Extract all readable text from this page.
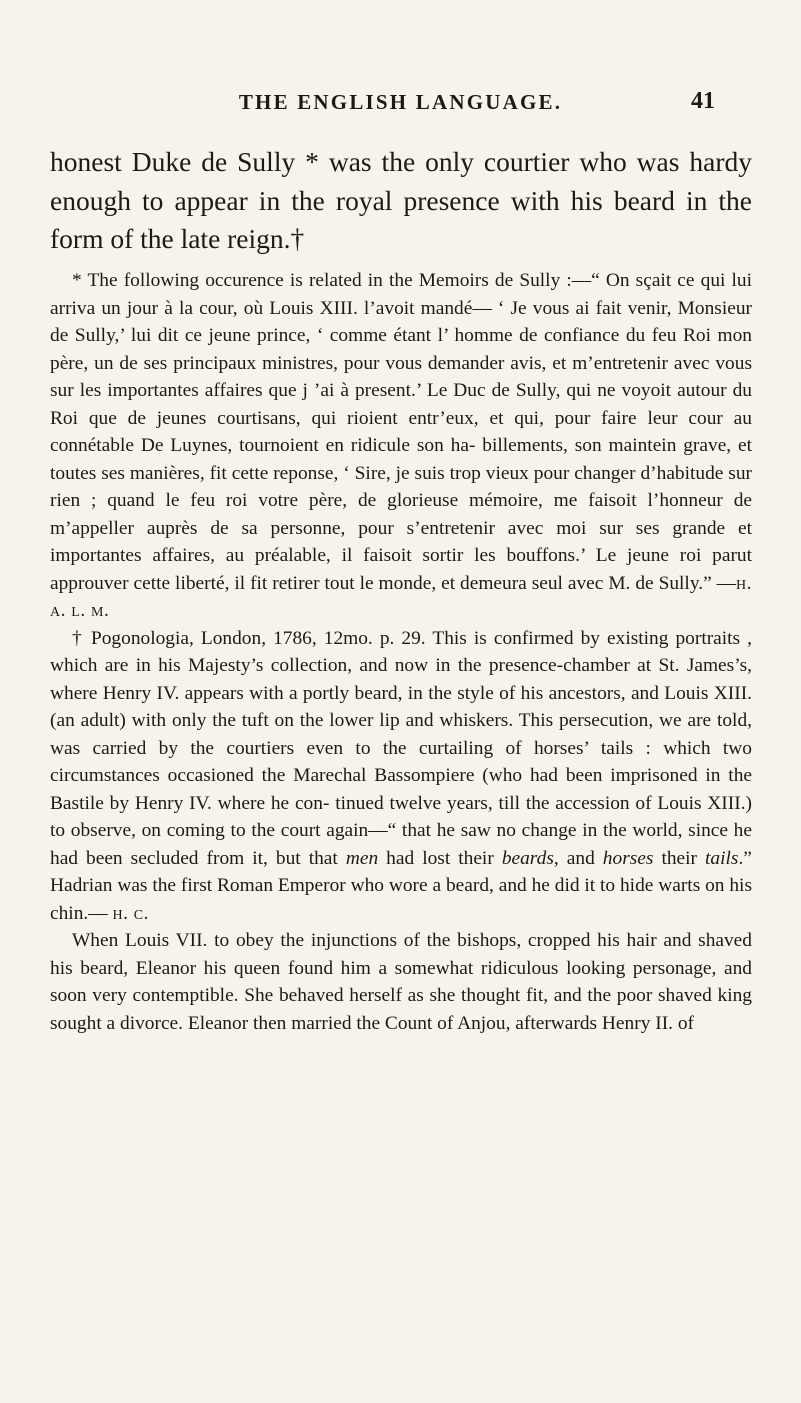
THE ENGLISH LANGUAGE.	41

honest Duke de Sully * was the only courtier who was hardy enough to appear in the royal presence with his beard in the form of the late reign.†

* The following occurence is related in the Memoirs de Sully :—“ On sçait ce qui lui arriva un jour à la cour, où Louis XIII. l’avoit mandé— ‘ Je vous ai fait venir, Monsieur de Sully,’ lui dit ce jeune prince, ‘ comme étant l’ homme de confiance du feu Roi mon père, un de ses principaux ministres, pour vous demander avis, et m’entretenir avec vous sur les importantes affaires que j ’ai à present.’ Le Duc de Sully, qui ne voyoit autour du Roi que de jeunes courtisans, qui rioient entr’eux, et qui, pour faire leur cour au connétable De Luynes, tournoient en ridicule son ha- billements, son maintein grave, et toutes ses manières, fit cette reponse, ‘ Sire, je suis trop vieux pour changer d’habitude sur rien ; quand le feu roi votre père, de glorieuse mémoire, me faisoit l’honneur de m’appeller auprès de sa personne, pour s’entretenir avec moi sur ses grande et importantes affaires, au préalable, il faisoit sortir les bouffons.’ Le jeune roi parut approuver cette liberté, il fit retirer tout le monde, et demeura seul avec M. de Sully.” —h. a. l. m.

† Pogonologia, London, 1786, 12mo. p. 29. This is confirmed by existing portraits , which are in his Majesty’s collection, and now in the presence-chamber at St. James’s, where Henry IV. appears with a portly beard, in the style of his ancestors, and Louis XIII. (an adult) with only the tuft on the lower lip and whiskers. This persecution, we are told, was carried by the courtiers even to the curtailing of horses’ tails : which two circumstances occasioned the Marechal Bassompiere (who had been imprisoned in the Bastile by Henry IV. where he con- tinued twelve years, till the accession of Louis XIII.) to observe, on coming to the court again—“ that he saw no change in the world, since he had been secluded from it, but that men had lost their beards, and horses their tails.” Hadrian was the first Roman Emperor who wore a beard, and he did it to hide warts on his chin.— h. c.

When Louis VII. to obey the injunctions of the bishops, cropped his hair and shaved his beard, Eleanor his queen found him a somewhat ridiculous looking personage, and soon very contemptible. She behaved herself as she thought fit, and the poor shaved king sought a divorce. Eleanor then married the Count of Anjou, afterwards Henry II. of
